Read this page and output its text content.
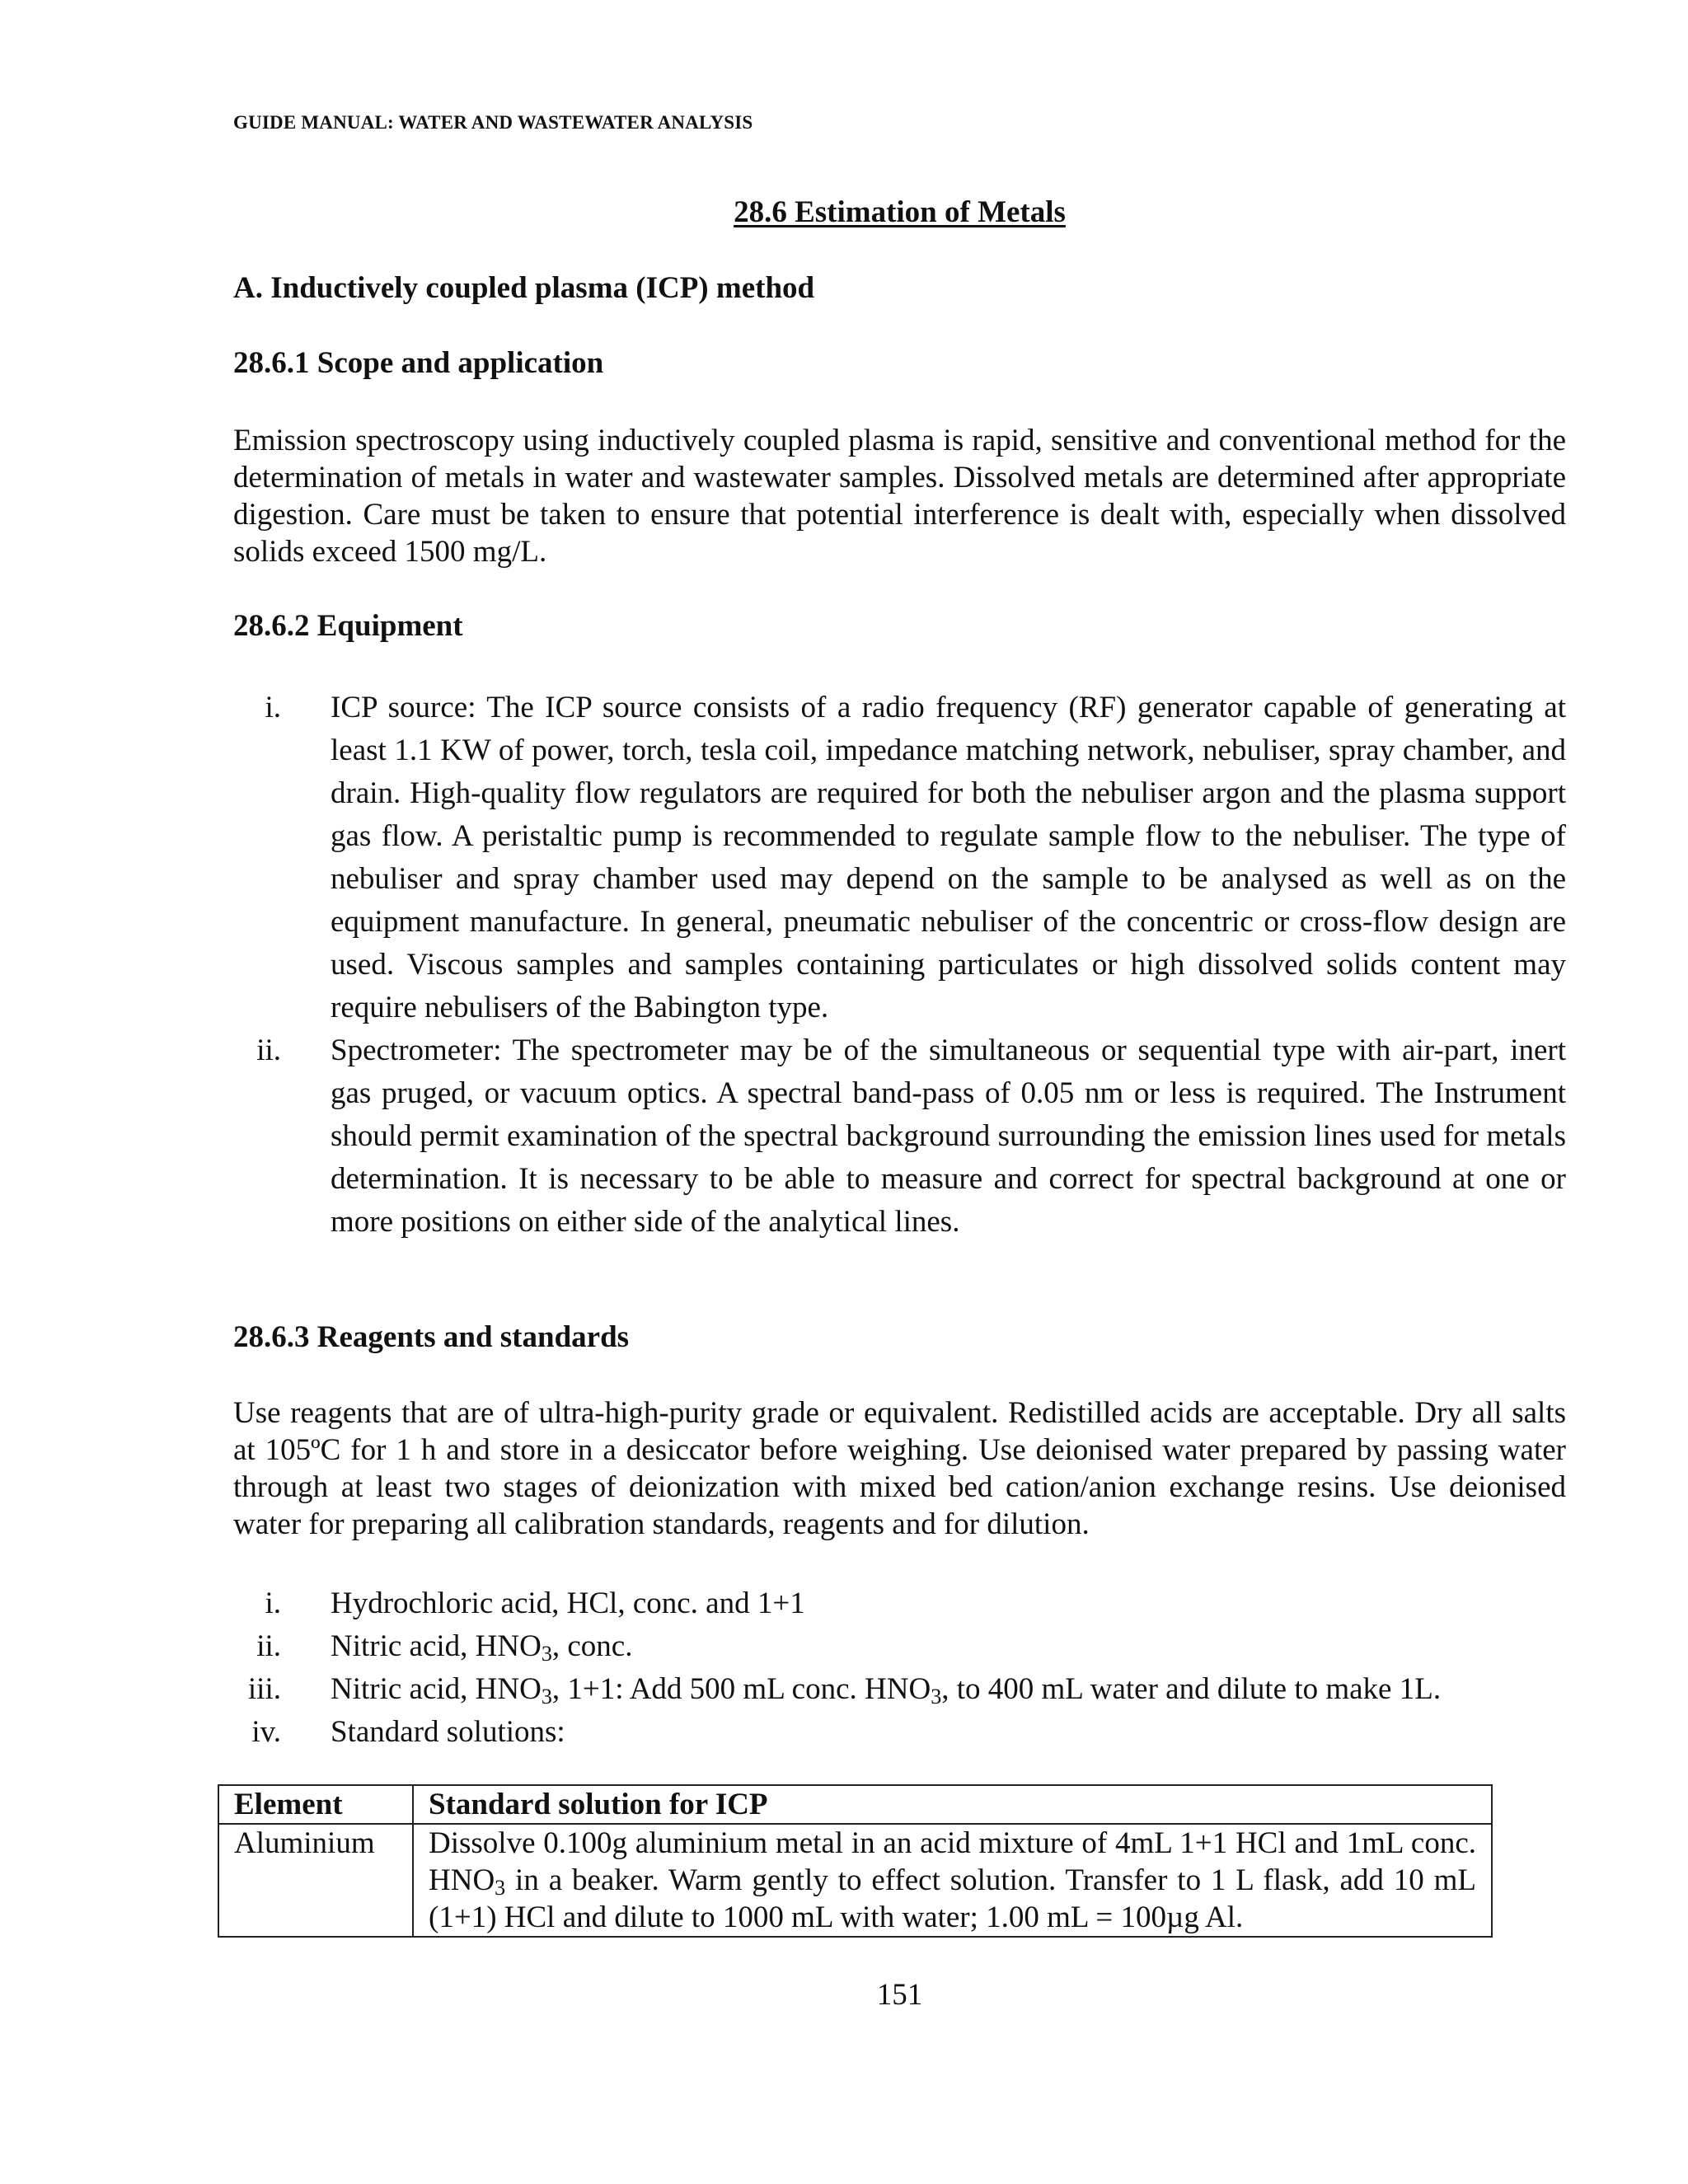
GUIDE MANUAL: WATER AND WASTEWATER ANALYSIS
28.6 Estimation of Metals
A. Inductively coupled plasma (ICP) method
28.6.1 Scope and application
Emission spectroscopy using inductively coupled plasma is rapid, sensitive and conventional method for the determination of metals in water and wastewater samples. Dissolved metals are determined after appropriate digestion. Care must be taken to ensure that potential interference is dealt with, especially when dissolved solids exceed 1500 mg/L.
28.6.2 Equipment
i. ICP source: The ICP source consists of a radio frequency (RF) generator capable of generating at least 1.1 KW of power, torch, tesla coil, impedance matching network, nebuliser, spray chamber, and drain. High-quality flow regulators are required for both the nebuliser argon and the plasma support gas flow. A peristaltic pump is recommended to regulate sample flow to the nebuliser. The type of nebuliser and spray chamber used may depend on the sample to be analysed as well as on the equipment manufacture. In general, pneumatic nebuliser of the concentric or cross-flow design are used. Viscous samples and samples containing particulates or high dissolved solids content may require nebulisers of the Babington type.
ii. Spectrometer: The spectrometer may be of the simultaneous or sequential type with air-part, inert gas pruged, or vacuum optics. A spectral band-pass of 0.05 nm or less is required. The Instrument should permit examination of the spectral background surrounding the emission lines used for metals determination. It is necessary to be able to measure and correct for spectral background at one or more positions on either side of the analytical lines.
28.6.3 Reagents and standards
Use reagents that are of ultra-high-purity grade or equivalent. Redistilled acids are acceptable. Dry all salts at 105ºC for 1 h and store in a desiccator before weighing. Use deionised water prepared by passing water through at least two stages of deionization with mixed bed cation/anion exchange resins. Use deionised water for preparing all calibration standards, reagents and for dilution.
i. Hydrochloric acid, HCl, conc. and 1+1
ii. Nitric acid, $HNO_3$, conc.
iii. Nitric acid, $HNO_3$, 1+1: Add 500 mL conc. $HNO_3$, to 400 mL water and dilute to make 1L.
iv. Standard solutions:
Element	Standard solution for ICP
Aluminium	Dissolve 0.100g aluminium metal in an acid mixture of 4mL 1+1 HCl and 1mL conc. $HNO_3$ in a beaker. Warm gently to effect solution. Transfer to 1 L flask, add 10 mL (1+1) HCl and dilute to 1000 mL with water; 1.00 mL = 100µg Al.
151
